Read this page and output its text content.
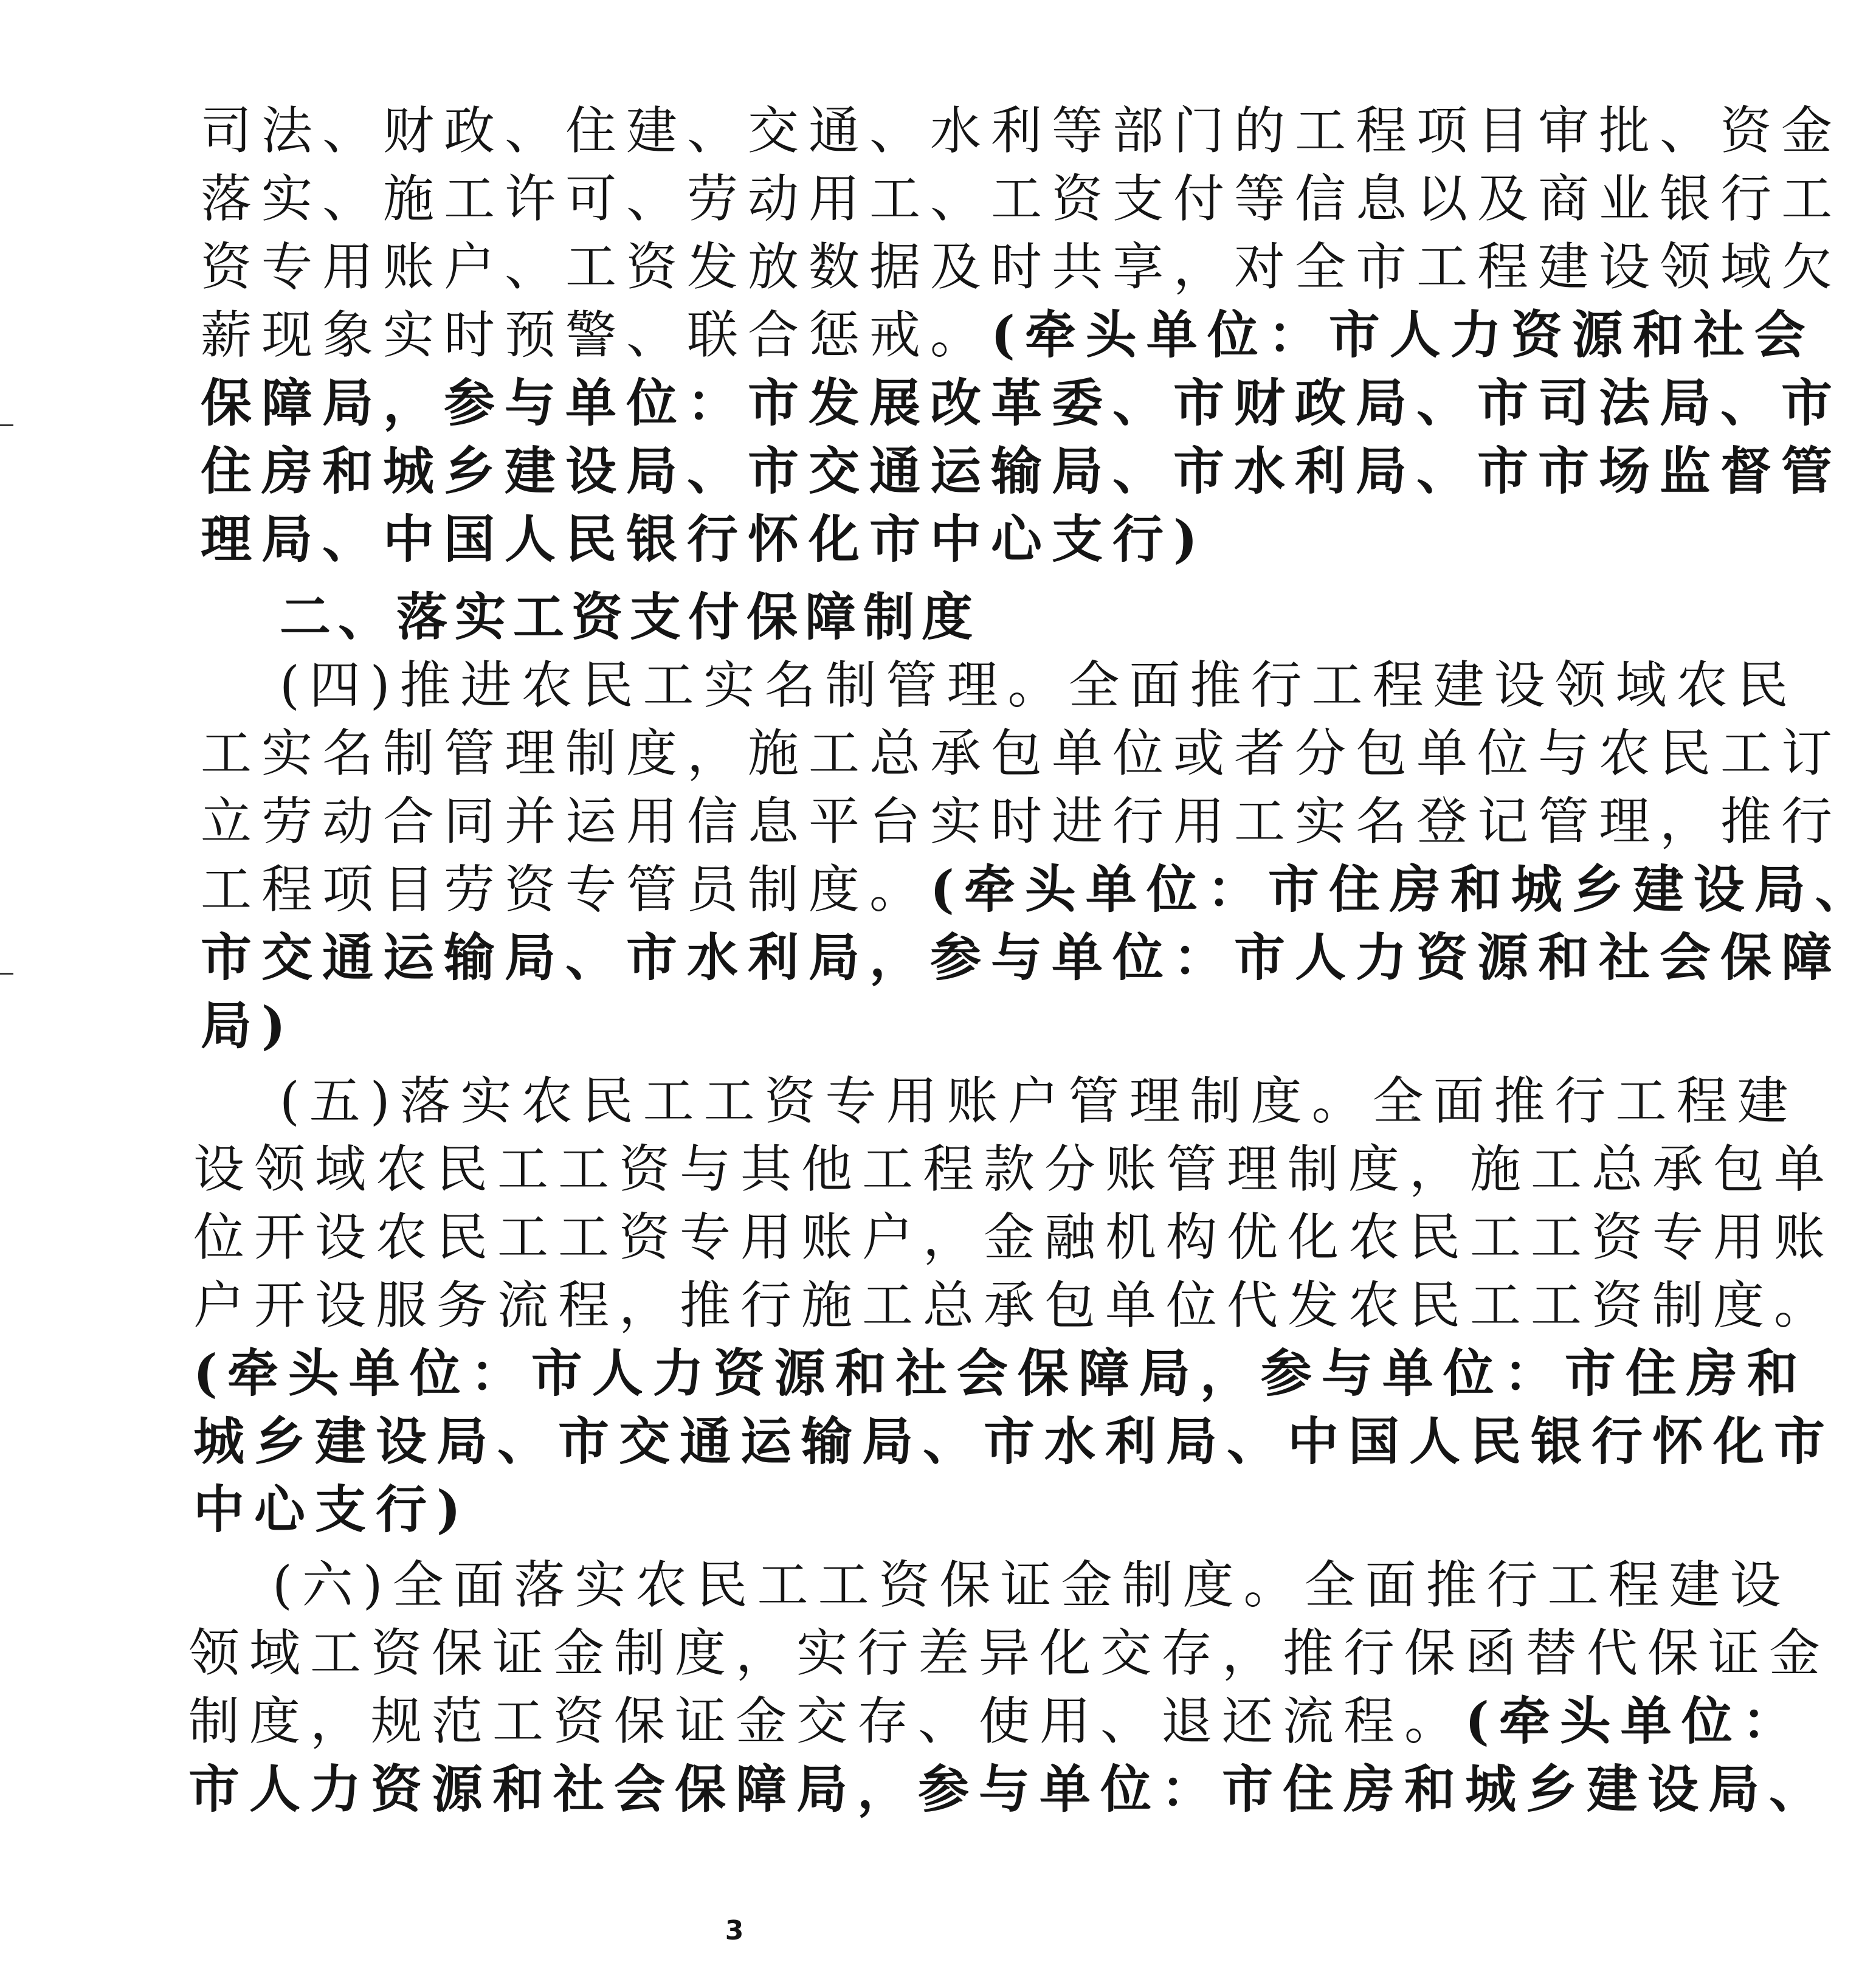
司法、财政、住建、交通、水利等部门的工程项目审批、资金
落实、施工许可、劳动用工、工资支付等信息以及商业银行工
资专用账户、工资发放数据及时共享，对全市工程建设领域欠
薪现象实时预警、联合惩戒。(牵头单位：市人力资源和社会
保障局，参与单位：市发展改革委、市财政局、市司法局、市
住房和城乡建设局、市交通运输局、市水利局、市市场监督管
理局、中国人民银行怀化市中心支行)
二、落实工资支付保障制度
(四)推进农民工实名制管理。全面推行工程建设领域农民
工实名制管理制度，施工总承包单位或者分包单位与农民工订
立劳动合同并运用信息平台实时进行用工实名登记管理，推行
工程项目劳资专管员制度。(牵头单位：市住房和城乡建设局、
市交通运输局、市水利局，参与单位：市人力资源和社会保障
局)
(五)落实农民工工资专用账户管理制度。全面推行工程建
设领域农民工工资与其他工程款分账管理制度，施工总承包单
位开设农民工工资专用账户，金融机构优化农民工工资专用账
户开设服务流程，推行施工总承包单位代发农民工工资制度。
(牵头单位：市人力资源和社会保障局，参与单位：市住房和
城乡建设局、市交通运输局、市水利局、中国人民银行怀化市
中心支行)
(六)全面落实农民工工资保证金制度。全面推行工程建设
领域工资保证金制度，实行差异化交存，推行保函替代保证金
制度，规范工资保证金交存、使用、退还流程。(牵头单位：
市人力资源和社会保障局，参与单位：市住房和城乡建设局、
3
